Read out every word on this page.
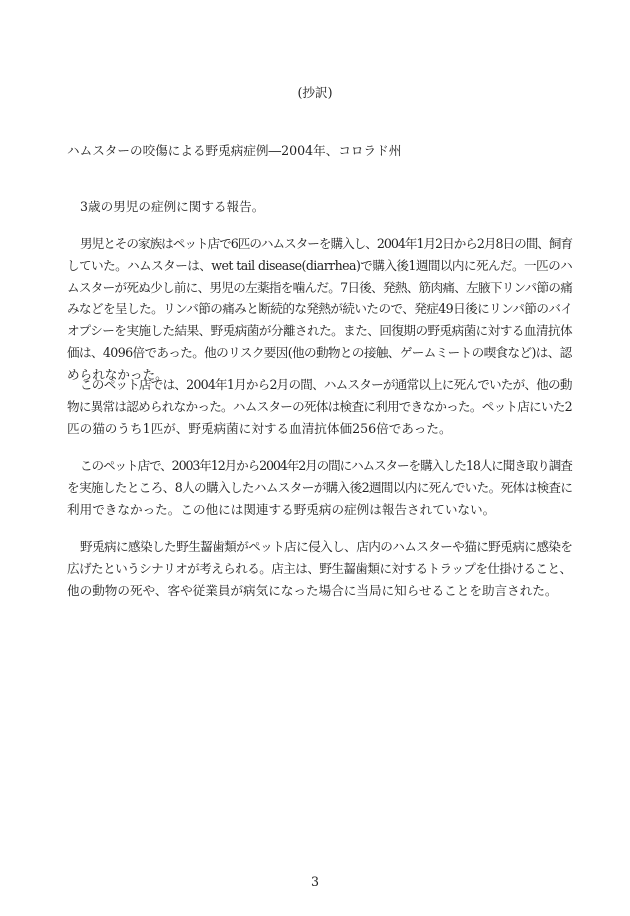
(抄訳)
ハムスターの咬傷による野兎病症例―2004年、コロラド州
3歳の男児の症例に関する報告。
男児とその家族はペット店で6匹のハムスターを購入し、2004年1月2日から2月8日の間、飼育
していた。ハムスターは、wet tail disease(diarrhea)で購入後1週間以内に死んだ。一匹のハ
ムスターが死ぬ少し前に、男児の左薬指を噛んだ。7日後、発熱、筋肉痛、左腋下リンパ節の痛
みなどを呈した。リンパ節の痛みと断続的な発熱が続いたので、発症49日後にリンパ節のバイ
オプシーを実施した結果、野兎病菌が分離された。また、回復期の野兎病菌に対する血清抗体
価は、4096倍であった。他のリスク要因(他の動物との接触、ゲームミートの喫食など)は、認
められなかった。
このペット店では、2004年1月から2月の間、ハムスターが通常以上に死んでいたが、他の動
物に異常は認められなかった。ハムスターの死体は検査に利用できなかった。ペット店にいた2
匹の猫のうち1匹が、野兎病菌に対する血清抗体価256倍であった。
このペット店で、2003年12月から2004年2月の間にハムスターを購入した18人に聞き取り調査
を実施したところ、8人の購入したハムスターが購入後2週間以内に死んでいた。死体は検査に
利用できなかった。この他には関連する野兎病の症例は報告されていない。
野兎病に感染した野生齧歯類がペット店に侵入し、店内のハムスターや猫に野兎病に感染を
広げたというシナリオが考えられる。店主は、野生齧歯類に対するトラップを仕掛けること、
他の動物の死や、客や従業員が病気になった場合に当局に知らせることを助言された。
3
